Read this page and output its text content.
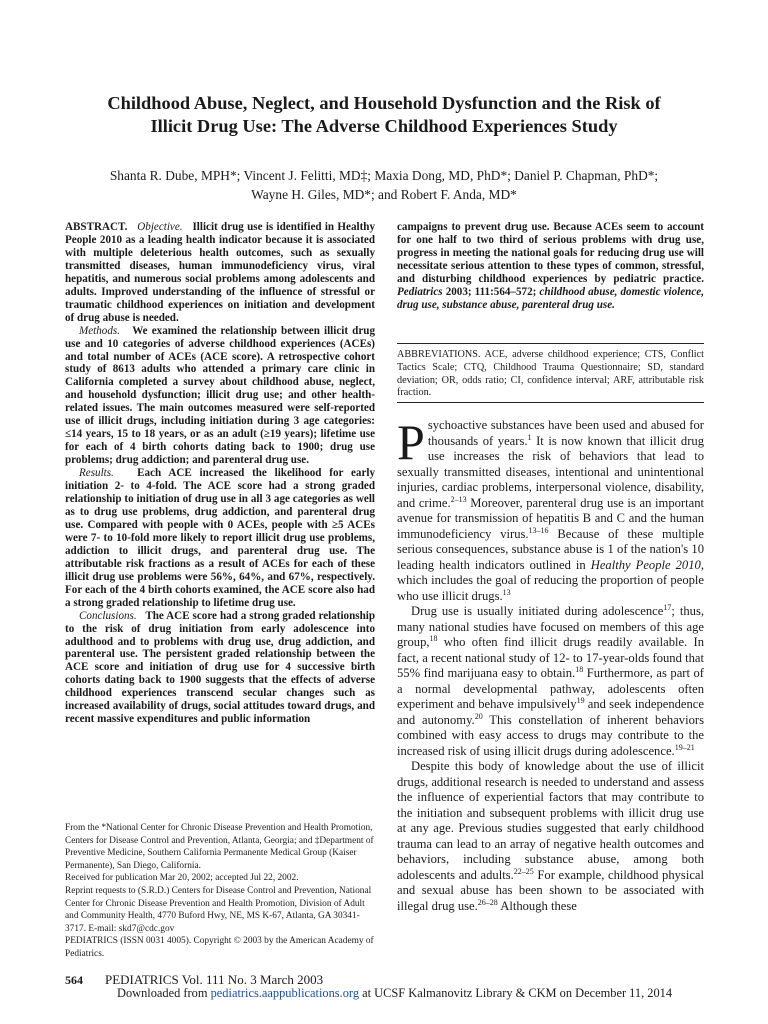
Childhood Abuse, Neglect, and Household Dysfunction and the Risk of
Illicit Drug Use: The Adverse Childhood Experiences Study
Shanta R. Dube, MPH*; Vincent J. Felitti, MD‡; Maxia Dong, MD, PhD*; Daniel P. Chapman, PhD*;
Wayne H. Giles, MD*; and Robert F. Anda, MD*

ABSTRACT. Objective. Illicit drug use is identified in Healthy People 2010 as a leading health indicator because it is associated with multiple deleterious health outcomes, such as sexually transmitted diseases, human immunodeficiency virus, viral hepatitis, and numerous social problems among adolescents and adults. Improved understanding of the influence of stressful or traumatic childhood experiences on initiation and development of drug abuse is needed.

Methods. We examined the relationship between illicit drug use and 10 categories of adverse childhood experiences (ACEs) and total number of ACEs (ACE score). A retrospective cohort study of 8613 adults who attended a primary care clinic in California completed a survey about childhood abuse, neglect, and household dysfunction; illicit drug use; and other health-related issues. The main outcomes measured were self-reported use of illicit drugs, including initiation during 3 age categories: ≤14 years, 15 to 18 years, or as an adult (≥19 years); lifetime use for each of 4 birth cohorts dating back to 1900; drug use problems; drug addiction; and parenteral drug use.

Results. Each ACE increased the likelihood for early initiation 2- to 4-fold. The ACE score had a strong graded relationship to initiation of drug use in all 3 age categories as well as to drug use problems, drug addiction, and parenteral drug use. Compared with people with 0 ACEs, people with ≥5 ACEs were 7- to 10-fold more likely to report illicit drug use problems, addiction to illicit drugs, and parenteral drug use. The attributable risk fractions as a result of ACEs for each of these illicit drug use problems were 56%, 64%, and 67%, respectively. For each of the 4 birth cohorts examined, the ACE score also had a strong graded relationship to lifetime drug use.

Conclusions. The ACE score had a strong graded relationship to the risk of drug initiation from early adolescence into adulthood and to problems with drug use, drug addiction, and parenteral use. The persistent graded relationship between the ACE score and initiation of drug use for 4 successive birth cohorts dating back to 1900 suggests that the effects of adverse childhood experiences transcend secular changes such as increased availability of drugs, social attitudes toward drugs, and recent massive expenditures and public information

campaigns to prevent drug use. Because ACEs seem to account for one half to two third of serious problems with drug use, progress in meeting the national goals for reducing drug use will necessitate serious attention to these types of common, stressful, and disturbing childhood experiences by pediatric practice. Pediatrics 2003; 111:564–572; childhood abuse, domestic violence, drug use, substance abuse, parenteral drug use.

ABBREVIATIONS. ACE, adverse childhood experience; CTS, Conflict Tactics Scale; CTQ, Childhood Trauma Questionnaire; SD, standard deviation; OR, odds ratio; CI, confidence interval; ARF, attributable risk fraction.

Psychoactive substances have been used and abused for thousands of years.$^1$ It is now known that illicit drug use increases the risk of behaviors that lead to sexually transmitted diseases, intentional and unintentional injuries, cardiac problems, interpersonal violence, disability, and crime.$^{2-13}$ Moreover, parenteral drug use is an important avenue for transmission of hepatitis B and C and the human immunodeficiency virus.$^{13-16}$ Because of these multiple serious consequences, substance abuse is 1 of the nation's 10 leading health indicators outlined in Healthy People 2010, which includes the goal of reducing the proportion of people who use illicit drugs.$^{13}$

Drug use is usually initiated during adolescence$^{17}$; thus, many national studies have focused on members of this age group,$^{18}$ who often find illicit drugs readily available. In fact, a recent national study of 12- to 17-year-olds found that 55% find marijuana easy to obtain.$^{18}$ Furthermore, as part of a normal developmental pathway, adolescents often experiment and behave impulsively$^{19}$ and seek independence and autonomy.$^{20}$ This constellation of inherent behaviors combined with easy access to drugs may contribute to the increased risk of using illicit drugs during adolescence.$^{19-21}$

Despite this body of knowledge about the use of illicit drugs, additional research is needed to understand and assess the influence of experiential factors that may contribute to the initiation and subsequent problems with illicit drug use at any age. Previous studies suggested that early childhood trauma can lead to an array of negative health outcomes and behaviors, including substance abuse, among both adolescents and adults.$^{22-25}$ For example, childhood physical and sexual abuse has been shown to be associated with illegal drug use.$^{26-28}$ Although these

From the *National Center for Chronic Disease Prevention and Health Promotion, Centers for Disease Control and Prevention, Atlanta, Georgia; and ‡Department of Preventive Medicine, Southern California Permanente Medical Group (Kaiser Permanente), San Diego, California.

Received for publication Mar 20, 2002; accepted Jul 22, 2002.

Reprint requests to (S.R.D.) Centers for Disease Control and Prevention, National Center for Chronic Disease Prevention and Health Promotion, Division of Adult and Community Health, 4770 Buford Hwy, NE, MS K-67, Atlanta, GA 30341-3717. E-mail: skd7@cdc.gov

PEDIATRICS (ISSN 0031 4005). Copyright © 2003 by the American Academy of Pediatrics.

564 PEDIATRICS Vol. 111 No. 3 March 2003
Downloaded from pediatrics.aappublications.org at UCSF Kalmanovitz Library & CKM on December 11, 2014
